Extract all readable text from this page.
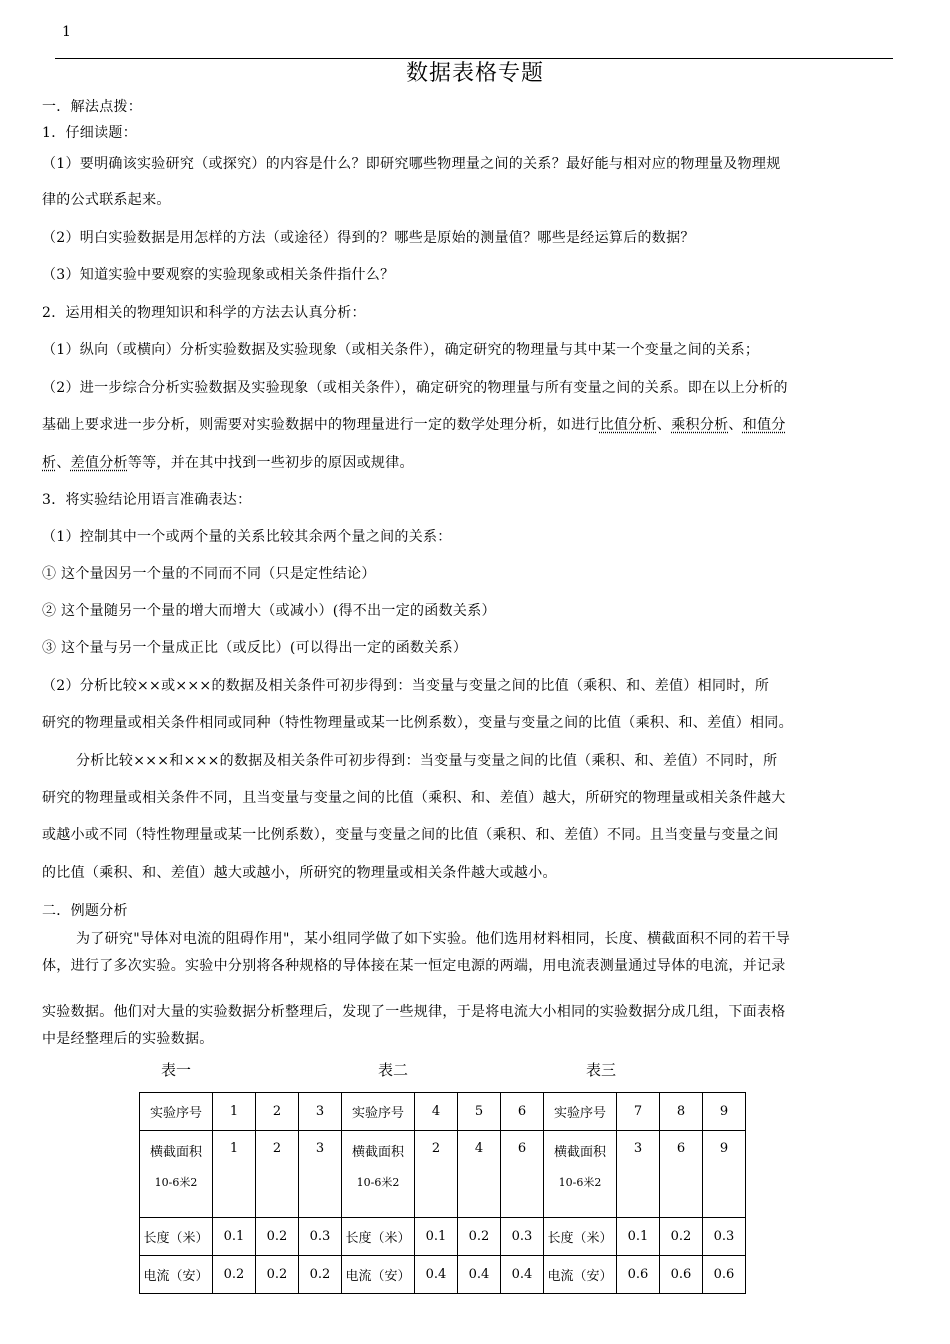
1
数据表格专题
一．解法点拨：
1．仔细读题：
（1）要明确该实验研究（或探究）的内容是什么？即研究哪些物理量之间的关系？最好能与相对应的物理量及物理规
律的公式联系起来。
（2）明白实验数据是用怎样的方法（或途径）得到的？哪些是原始的测量值？哪些是经运算后的数据？
（3）知道实验中要观察的实验现象或相关条件指什么？
2．运用相关的物理知识和科学的方法去认真分析：
（1）纵向（或横向）分析实验数据及实验现象（或相关条件），确定研究的物理量与其中某一个变量之间的关系；
（2）进一步综合分析实验数据及实验现象（或相关条件），确定研究的物理量与所有变量之间的关系。即在以上分析的
基础上要求进一步分析，则需要对实验数据中的物理量进行一定的数学处理分析，如进行比值分析、乘积分析、和值分
析、差值分析等等，并在其中找到一些初步的原因或规律。
3．将实验结论用语言准确表达：
（1）控制其中一个或两个量的关系比较其余两个量之间的关系：
① 这个量因另一个量的不同而不同（只是定性结论）
② 这个量随另一个量的增大而增大（或减小）(得不出一定的函数关系）
③ 这个量与另一个量成正比（或反比）(可以得出一定的函数关系）
（2）分析比较××或×××的数据及相关条件可初步得到：当变量与变量之间的比值（乘积、和、差值）相同时，所
研究的物理量或相关条件相同或同种（特性物理量或某一比例系数），变量与变量之间的比值（乘积、和、差值）相同。
分析比较×××和×××的数据及相关条件可初步得到：当变量与变量之间的比值（乘积、和、差值）不同时，所
研究的物理量或相关条件不同，且当变量与变量之间的比值（乘积、和、差值）越大，所研究的物理量或相关条件越大
或越小或不同（特性物理量或某一比例系数），变量与变量之间的比值（乘积、和、差值）不同。且当变量与变量之间
的比值（乘积、和、差值）越大或越小，所研究的物理量或相关条件越大或越小。
二．例题分析
为了研究"导体对电流的阻碍作用"，某小组同学做了如下实验。他们选用材料相同，长度、横截面积不同的若干导
体，进行了多次实验。实验中分别将各种规格的导体接在某一恒定电源的两端，用电流表测量通过导体的电流，并记录
实验数据。他们对大量的实验数据分析整理后，发现了一些规律，于是将电流大小相同的实验数据分成几组，下面表格
中是经整理后的实验数据。
表一	表二	表三
实验序号	1	2	3	实验序号	4	5	6	实验序号	7	8	9
横截面积
10-6米2	1	2	3	横截面积
10-6米2	2	4	6	横截面积
10-6米2	3	6	9
长度（米）	0.1	0.2	0.3	长度（米）	0.1	0.2	0.3	长度（米）	0.1	0.2	0.3
电流（安）	0.2	0.2	0.2	电流（安）	0.4	0.4	0.4	电流（安）	0.6	0.6	0.6
